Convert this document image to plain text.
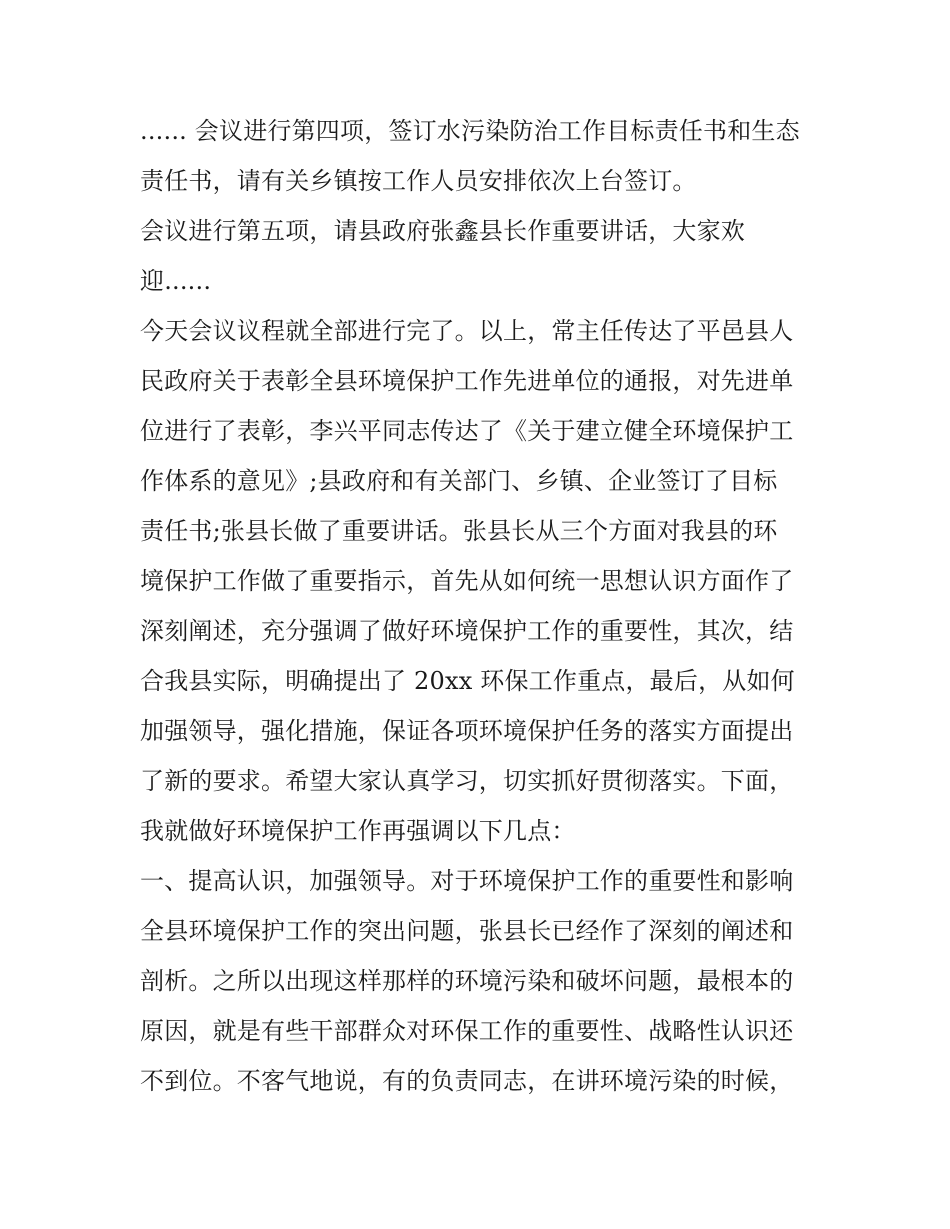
...... 会议进行第四项，签订水污染防治工作目标责任书和生态
责任书，请有关乡镇按工作人员安排依次上台签订。
会议进行第五项，请县政府张鑫县长作重要讲话，大家欢
迎......
今天会议议程就全部进行完了。以上，常主任传达了平邑县人
民政府关于表彰全县环境保护工作先进单位的通报，对先进单
位进行了表彰，李兴平同志传达了《关于建立健全环境保护工
作体系的意见》;县政府和有关部门、乡镇、企业签订了目标
责任书;张县长做了重要讲话。张县长从三个方面对我县的环
境保护工作做了重要指示，首先从如何统一思想认识方面作了
深刻阐述，充分强调了做好环境保护工作的重要性，其次，结
合我县实际，明确提出了 20xx 环保工作重点，最后，从如何
加强领导，强化措施，保证各项环境保护任务的落实方面提出
了新的要求。希望大家认真学习，切实抓好贯彻落实。下面，
我就做好环境保护工作再强调以下几点：
一、提高认识，加强领导。对于环境保护工作的重要性和影响
全县环境保护工作的突出问题，张县长已经作了深刻的阐述和
剖析。之所以出现这样那样的环境污染和破坏问题，最根本的
原因，就是有些干部群众对环保工作的重要性、战略性认识还
不到位。不客气地说，有的负责同志，在讲环境污染的时候，
